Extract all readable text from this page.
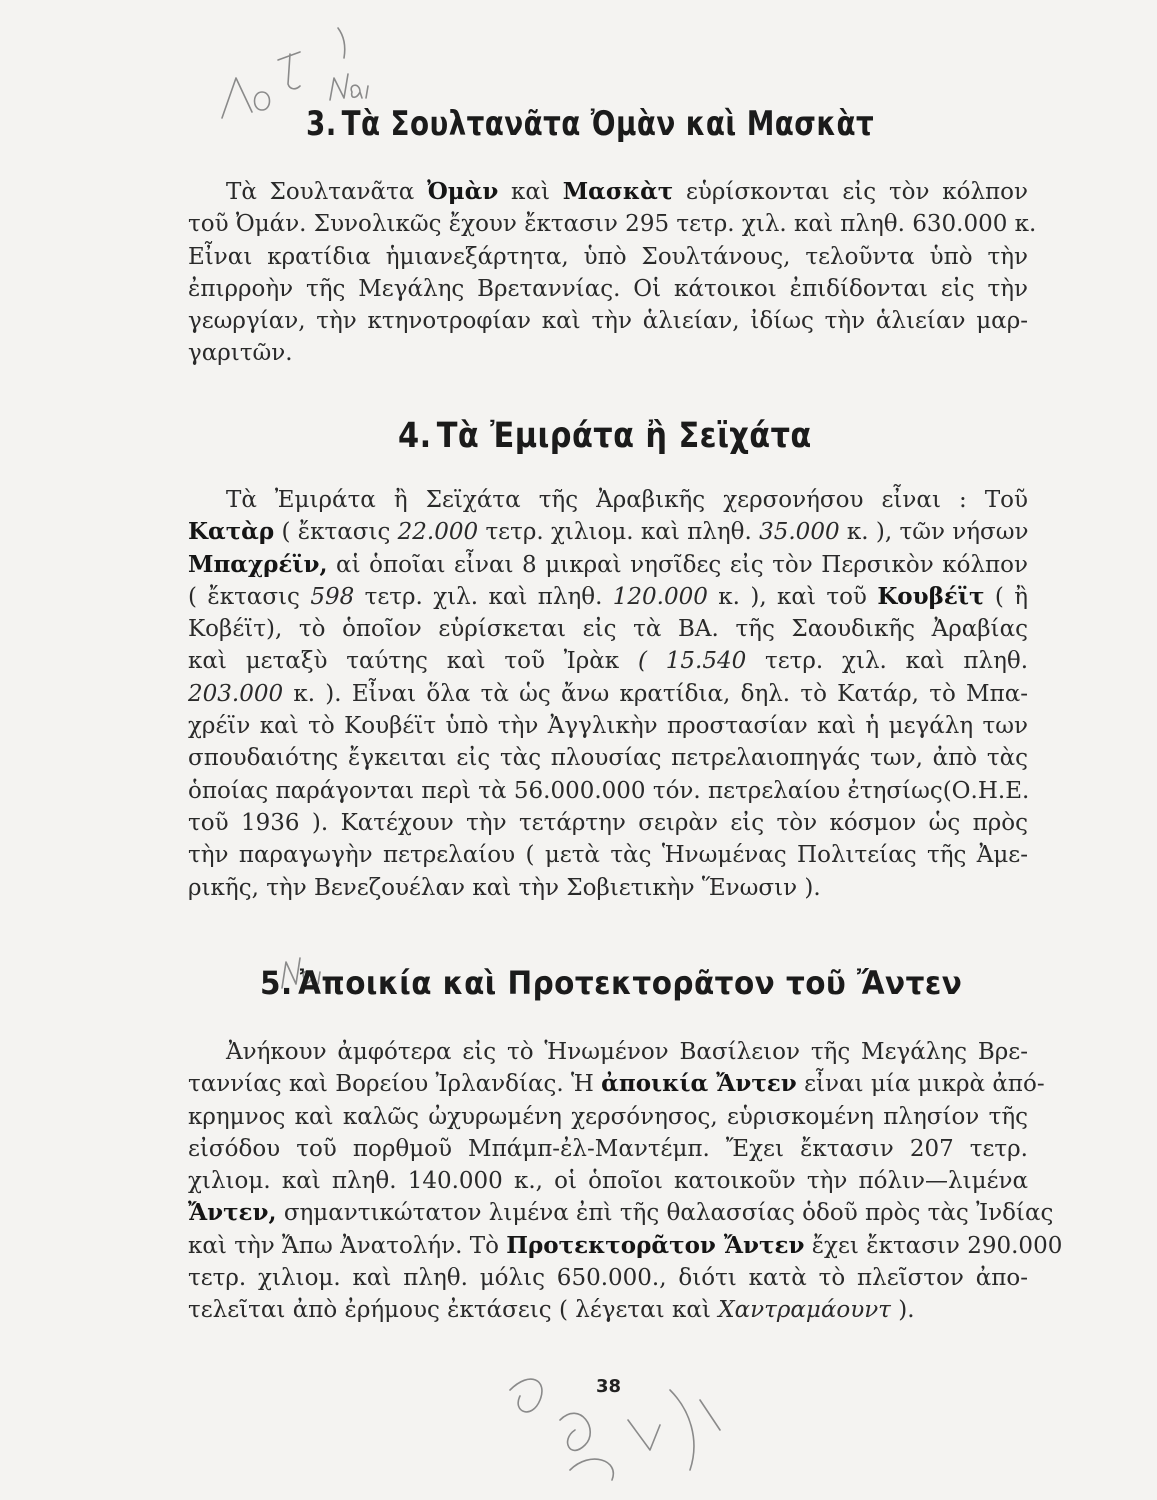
3. Τὰ Σουλτανᾶτα Ὀμὰν καὶ Μασκὰτ
Τὰ Σουλτανᾶτα Ὀμὰν καὶ Μασκὰτ εὑρίσκονται εἰς τὸν κόλπον
τοῦ Ὀμάν. Συνολικῶς ἔχουν ἔκτασιν 295 τετρ. χιλ. καὶ πληθ. 630.000 κ.
Εἶναι κρατίδια ἡμιανεξάρτητα, ὑπὸ Σουλτάνους, τελοῦντα ὑπὸ τὴν
ἐπιρροὴν τῆς Μεγάλης Βρεταννίας. Οἱ κάτοικοι ἐπιδίδονται εἰς τὴν
γεωργίαν, τὴν κτηνοτροφίαν καὶ τὴν ἁλιείαν, ἰδίως τὴν ἁλιείαν μαρ-
γαριτῶν.
4. Τὰ Ἐμιράτα ἢ Σεϊχάτα
Τὰ Ἐμιράτα ἢ Σεϊχάτα τῆς Ἀραβικῆς χερσονήσου εἶναι : Τοῦ
Κατὰρ ( ἔκτασις 22.000 τετρ. χιλιομ. καὶ πληθ. 35.000 κ. ), τῶν νήσων
Μπαχρέϊν, αἱ ὁποῖαι εἶναι 8 μικραὶ νησῖδες εἰς τὸν Περσικὸν κόλπον
( ἔκτασις 598 τετρ. χιλ. καὶ πληθ. 120.000 κ. ), καὶ τοῦ Κουβέϊτ ( ἢ
Κοβέϊτ), τὸ ὁποῖον εὑρίσκεται εἰς τὰ ΒΑ. τῆς Σαουδικῆς Ἀραβίας
καὶ μεταξὺ ταύτης καὶ τοῦ Ἰρὰκ ( 15.540 τετρ. χιλ. καὶ πληθ.
203.000 κ. ). Εἶναι ὅλα τὰ ὡς ἄνω κρατίδια, δηλ. τὸ Κατάρ, τὸ Μπα-
χρέϊν καὶ τὸ Κουβέϊτ ὑπὸ τὴν Ἀγγλικὴν προστασίαν καὶ ἡ μεγάλη των
σπουδαιότης ἔγκειται εἰς τὰς πλουσίας πετρελαιοπηγάς των, ἀπὸ τὰς
ὁποίας παράγονται περὶ τὰ 56.000.000 τόν. πετρελαίου ἐτησίως(Ο.Η.Ε.
τοῦ 1936 ). Κατέχουν τὴν τετάρτην σειρὰν εἰς τὸν κόσμον ὡς πρὸς
τὴν παραγωγὴν πετρελαίου ( μετὰ τὰς Ἡνωμένας Πολιτείας τῆς Ἀμε-
ρικῆς, τὴν Βενεζουέλαν καὶ τὴν Σοβιετικὴν Ἕνωσιν ).
5. Ἀποικία καὶ Προτεκτορᾶτον τοῦ Ἄντεν
Ἀνήκουν ἀμφότερα εἰς τὸ Ἡνωμένον Βασίλειον τῆς Μεγάλης Βρε-
ταννίας καὶ Βορείου Ἰρλανδίας. Ἡ ἀποικία Ἄντεν εἶναι μία μικρὰ ἀπό-
κρημνος καὶ καλῶς ὠχυρωμένη χερσόνησος, εὑρισκομένη πλησίον τῆς
εἰσόδου τοῦ πορθμοῦ Μπάμπ-ἐλ-Μαντέμπ. Ἔχει ἔκτασιν 207 τετρ.
χιλιομ. καὶ πληθ. 140.000 κ., οἱ ὁποῖοι κατοικοῦν τὴν πόλιν—λιμένα
Ἄντεν, σημαντικώτατον λιμένα ἐπὶ τῆς θαλασσίας ὁδοῦ πρὸς τὰς Ἰνδίας
καὶ τὴν Ἄπω Ἀνατολήν. Τὸ Προτεκτορᾶτον Ἄντεν ἔχει ἔκτασιν 290.000
τετρ. χιλιομ. καὶ πληθ. μόλις 650.000., διότι κατὰ τὸ πλεῖστον ἀπο-
τελεῖται ἀπὸ ἐρήμους ἐκτάσεις ( λέγεται καὶ Χαντραμάουντ ).
38
